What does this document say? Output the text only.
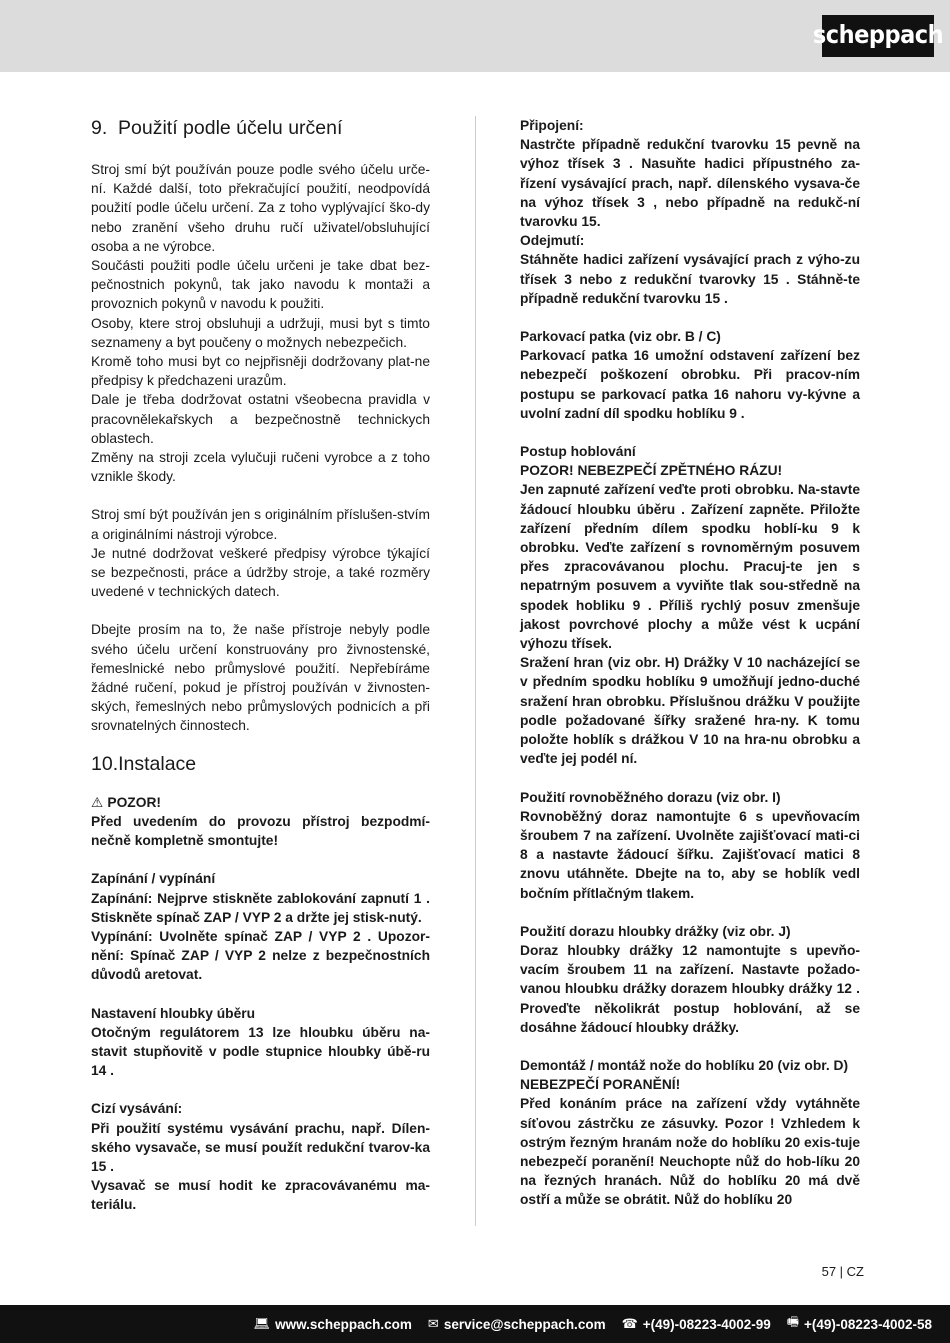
scheppach
9. Použití podle účelu určení

Stroj smí být používán pouze podle svého účelu urče-ní. Každé další, toto překračující použití, neodpovídá použití podle účelu určení. Za z toho vyplývající ško-dy nebo zranění všeho druhu ručí uživatel/obsluhující osoba a ne výrobce.

Součásti použiti podle účelu určeni je take dbat bez-pečnostnich pokynů, tak jako navodu k montaži a provoznich pokynů v navodu k použiti.

Osoby, ktere stroj obsluhuji a udržuji, musi byt s timto seznameny a byt poučeny o možnych nebezpečich.

Kromě toho musi byt co nejpřisněji dodržovany plat-ne předpisy k předchazeni urazům.

Dale je třeba dodržovat ostatni všeobecna pravidla v pracovnělekařskych a bezpečnostně technickych oblastech.

Změny na stroji zcela vylučuji ručeni vyrobce a z toho vznikle škody.

Stroj smí být používán jen s originálním příslušen-stvím a originálními nástroji výrobce.

Je nutné dodržovat veškeré předpisy výrobce týkající se bezpečnosti, práce a údržby stroje, a také rozměry uvedené v technických datech.

Dbejte prosím na to, že naše přístroje nebyly podle svého účelu určení konstruovány pro živnostenské, řemeslnické nebo průmyslové použití. Nepřebíráme žádné ručení, pokud je přístroj používán v živnosten-ských, řemeslných nebo průmyslových podnicích a při srovnatelných činnostech.

10. Instalace

⚠ POZOR!

Před uvedením do provozu přístroj bezpodmí-nečně kompletně smontujte!

Zapínání / vypínání

Zapínání: Nejprve stiskněte zablokování zapnutí 1 . Stiskněte spínač ZAP / VYP 2 a držte jej stisk-nutý.

Vypínání: Uvolněte spínač ZAP / VYP 2 . Upozor-nění: Spínač ZAP / VYP 2 nelze z bezpečnostních důvodů aretovat.

Nastavení hloubky úběru

Otočným regulátorem 13 lze hloubku úběru na-stavit stupňovitě v podle stupnice hloubky úbě-ru 14 .

Cizí vysávání:

Při použití systému vysávání prachu, např. Dílen-ského vysavače, se musí použít redukční tvarov-ka 15 .

Vysavač se musí hodit ke zpracovávanému ma-teriálu.

Připojení:

Nastrčte případně redukční tvarovku 15 pevně na výhoz třísek 3 . Nasuňte hadici přípustného za-řízení vysávající prach, např. dílenského vysava-če na výhoz třísek 3 , nebo případně na redukč-ní tvarovku 15.

Odejmutí:

Stáhněte hadici zařízení vysávající prach z výho-zu třísek 3 nebo z redukční tvarovky 15 . Stáhně-te případně redukční tvarovku 15 .

Parkovací patka (viz obr. B / C)

Parkovací patka 16 umožní odstavení zařízení bez nebezpečí poškození obrobku. Při pracov-ním postupu se parkovací patka 16 nahoru vy-kývne a uvolní zadní díl spodku hoblíku 9 .

Postup hoblování

POZOR! NEBEZPEČÍ ZPĚTNÉHO RÁZU!

Jen zapnuté zařízení veďte proti obrobku. Na-stavte žádoucí hloubku úběru . Zařízení zapněte. Přiložte zařízení předním dílem spodku hoblí-ku 9 k obrobku. Veďte zařízení s rovnoměrným posuvem přes zpracovávanou plochu. Pracuj-te jen s nepatrným posuvem a vyviňte tlak sou-středně na spodek hobliku 9 . Příliš rychlý posuv zmenšuje jakost povrchové plochy a může vést k ucpání výhozu třísek.

Sražení hran (viz obr. H) Drážky V 10 nacházející se v předním spodku hoblíku 9 umožňují jedno-duché sražení hran obrobku. Příslušnou drážku V použijte podle požadované šířky sražené hra-ny. K tomu položte hoblík s drážkou V 10 na hra-nu obrobku a veďte jej podél ní.

Použití rovnoběžného dorazu (viz obr. I)

Rovnoběžný doraz namontujte 6 s upevňovacím šroubem 7 na zařízení. Uvolněte zajišťovací mati-ci 8 a nastavte žádoucí šířku. Zajišťovací matici 8 znovu utáhněte. Dbejte na to, aby se hoblík vedl bočním přítlačným tlakem.

Použití dorazu hloubky drážky (viz obr. J)

Doraz hloubky drážky 12 namontujte s upevňo-vacím šroubem 11 na zařízení. Nastavte požado-vanou hloubku drážky dorazem hloubky drážky 12 . Proveďte několikrát postup hoblování, až se dosáhne žádoucí hloubky drážky.

Demontáž / montáž nože do hoblíku 20 (viz obr. D)

NEBEZPEČÍ PORANĚNÍ!

Před konáním práce na zařízení vždy vytáhněte síťovou zástrčku ze zásuvky. Pozor ! Vzhledem k ostrým řezným hranám nože do hoblíku 20 exis-tuje nebezpečí poranění! Neuchopte nůž do hob-líku 20 na řezných hranách. Nůž do hoblíku 20 má dvě ostří a může se obrátit. Nůž do hoblíku 20

57 | CZ
💻︎ www.scheppach.com ✉︎ service@scheppach.com ☎︎ +(49)-08223-4002-99 🖷︎ +(49)-08223-4002-58
